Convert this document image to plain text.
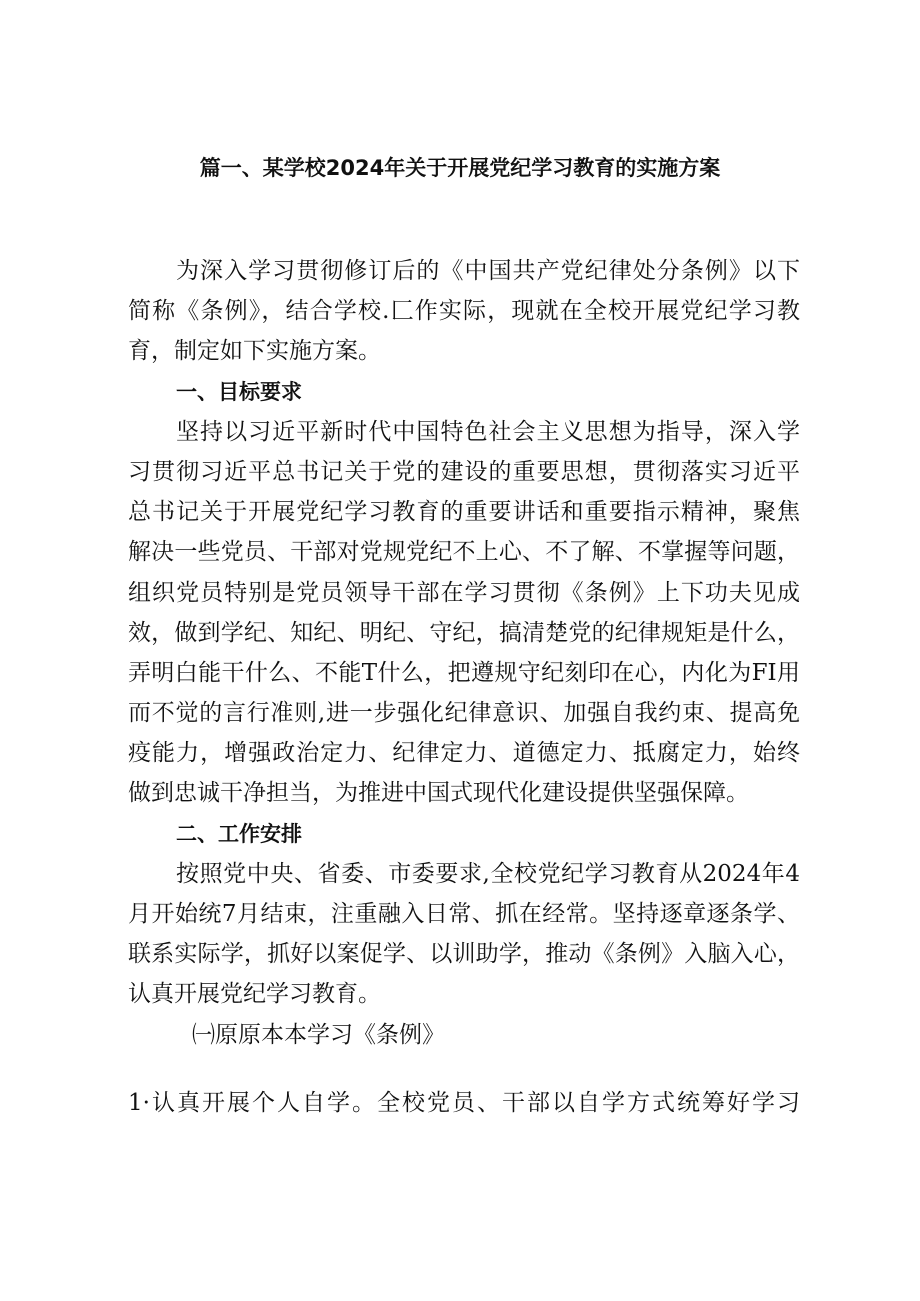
篇一、某学校2024年关于开展党纪学习教育的实施方案
为深入学习贯彻修订后的《中国共产党纪律处分条例》以下
简称《条例》，结合学校.匚作实际，现就在全校开展党纪学习教
育，制定如下实施方案。
一、目标要求
坚持以习近平新时代中国特色社会主义思想为指导，深入学
习贯彻习近平总书记关于党的建设的重要思想，贯彻落实习近平
总书记关于开展党纪学习教育的重要讲话和重要指示精神，聚焦
解决一些党员、干部对党规党纪不上心、不了解、不掌握等问题，
组织党员特别是党员领导干部在学习贯彻《条例》上下功夫见成
效，做到学纪、知纪、明纪、守纪，搞清楚党的纪律规矩是什么，
弄明白能干什么、不能T什么，把遵规守纪刻印在心，内化为FI用
而不觉的言行准则,进一步强化纪律意识、加强自我约束、提高免
疫能力，增强政治定力、纪律定力、道德定力、抵腐定力，始终
做到忠诚干净担当，为推进中国式现代化建设提供坚强保障。
二、工作安排
按照党中央、省委、市委要求,全校党纪学习教育从2024年4
月开始统7月结束，注重融入日常、抓在经常。坚持逐章逐条学、
联系实际学，抓好以案促学、以训助学，推动《条例》入脑入心，
认真开展党纪学习教育。
㈠原原本本学习《条例》
1·认真开展个人自学。全校党员、干部以自学方式统筹好学习
